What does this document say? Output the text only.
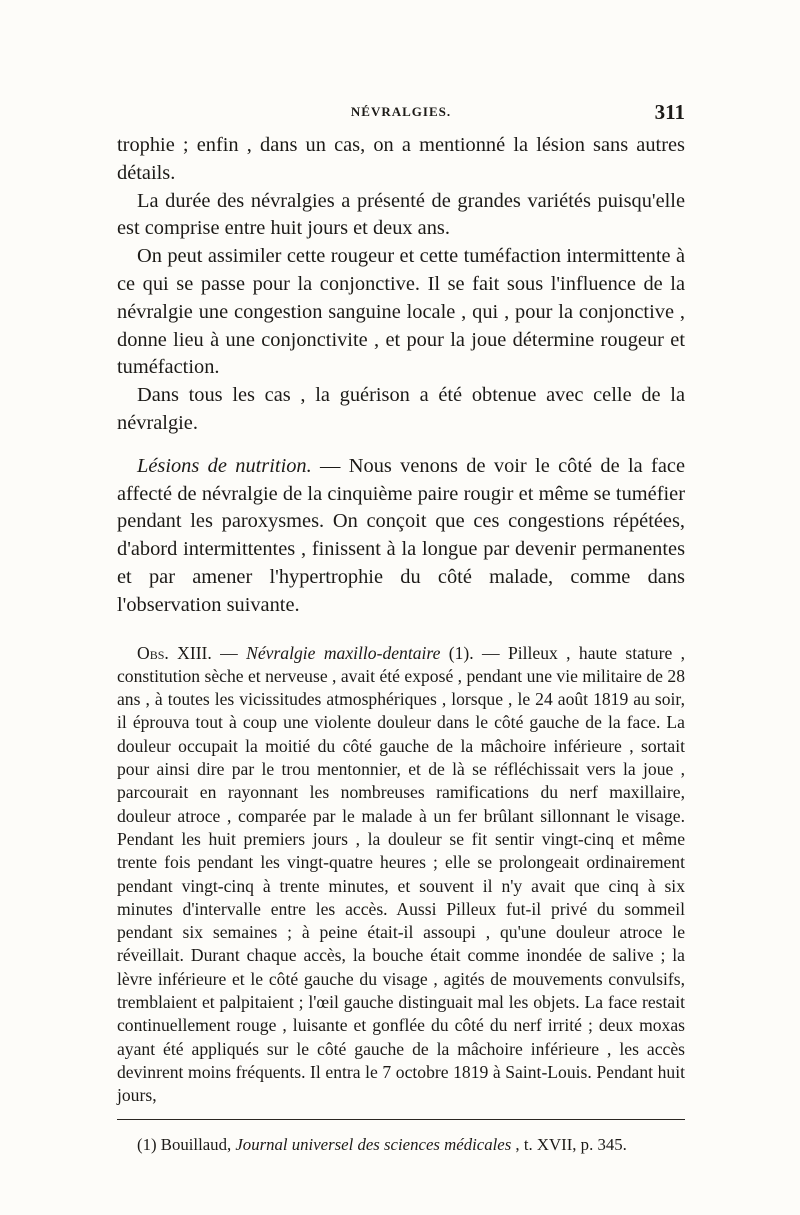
NÉVRALGIES.	311

trophie ; enfin , dans un cas, on a mentionné la lésion sans autres détails.

La durée des névralgies a présenté de grandes variétés puisqu'elle est comprise entre huit jours et deux ans.

On peut assimiler cette rougeur et cette tuméfaction intermittente à ce qui se passe pour la conjonctive. Il se fait sous l'influence de la névralgie une congestion sanguine locale , qui , pour la conjonctive , donne lieu à une conjonctivite , et pour la joue détermine rougeur et tuméfaction.

Dans tous les cas , la guérison a été obtenue avec celle de la névralgie.

Lésions de nutrition. — Nous venons de voir le côté de la face affecté de névralgie de la cinquième paire rougir et même se tuméfier pendant les paroxysmes. On conçoit que ces congestions répétées, d'abord intermittentes , finissent à la longue par devenir permanentes et par amener l'hypertrophie du côté malade, comme dans l'observation suivante.

Obs. XIII. — Névralgie maxillo-dentaire (1). — Pilleux , haute stature , constitution sèche et nerveuse , avait été exposé , pendant une vie militaire de 28 ans , à toutes les vicissitudes atmosphériques , lorsque , le 24 août 1819 au soir, il éprouva tout à coup une violente douleur dans le côté gauche de la face. La douleur occupait la moitié du côté gauche de la mâchoire inférieure , sortait pour ainsi dire par le trou mentonnier, et de là se réfléchissait vers la joue , parcourait en rayonnant les nombreuses ramifications du nerf maxillaire, douleur atroce , comparée par le malade à un fer brûlant sillonnant le visage. Pendant les huit premiers jours , la douleur se fit sentir vingt-cinq et même trente fois pendant les vingt-quatre heures ; elle se prolongeait ordinairement pendant vingt-cinq à trente minutes, et souvent il n'y avait que cinq à six minutes d'intervalle entre les accès. Aussi Pilleux fut-il privé du sommeil pendant six semaines ; à peine était-il assoupi , qu'une douleur atroce le réveillait. Durant chaque accès, la bouche était comme inondée de salive ; la lèvre inférieure et le côté gauche du visage , agités de mouvements convulsifs, tremblaient et palpitaient ; l'œil gauche distinguait mal les objets. La face restait continuellement rouge , luisante et gonflée du côté du nerf irrité ; deux moxas ayant été appliqués sur le côté gauche de la mâchoire inférieure , les accès devinrent moins fréquents. Il entra le 7 octobre 1819 à Saint-Louis. Pendant huit jours,

(1) Bouillaud, Journal universel des sciences médicales , t. XVII, p. 345.
